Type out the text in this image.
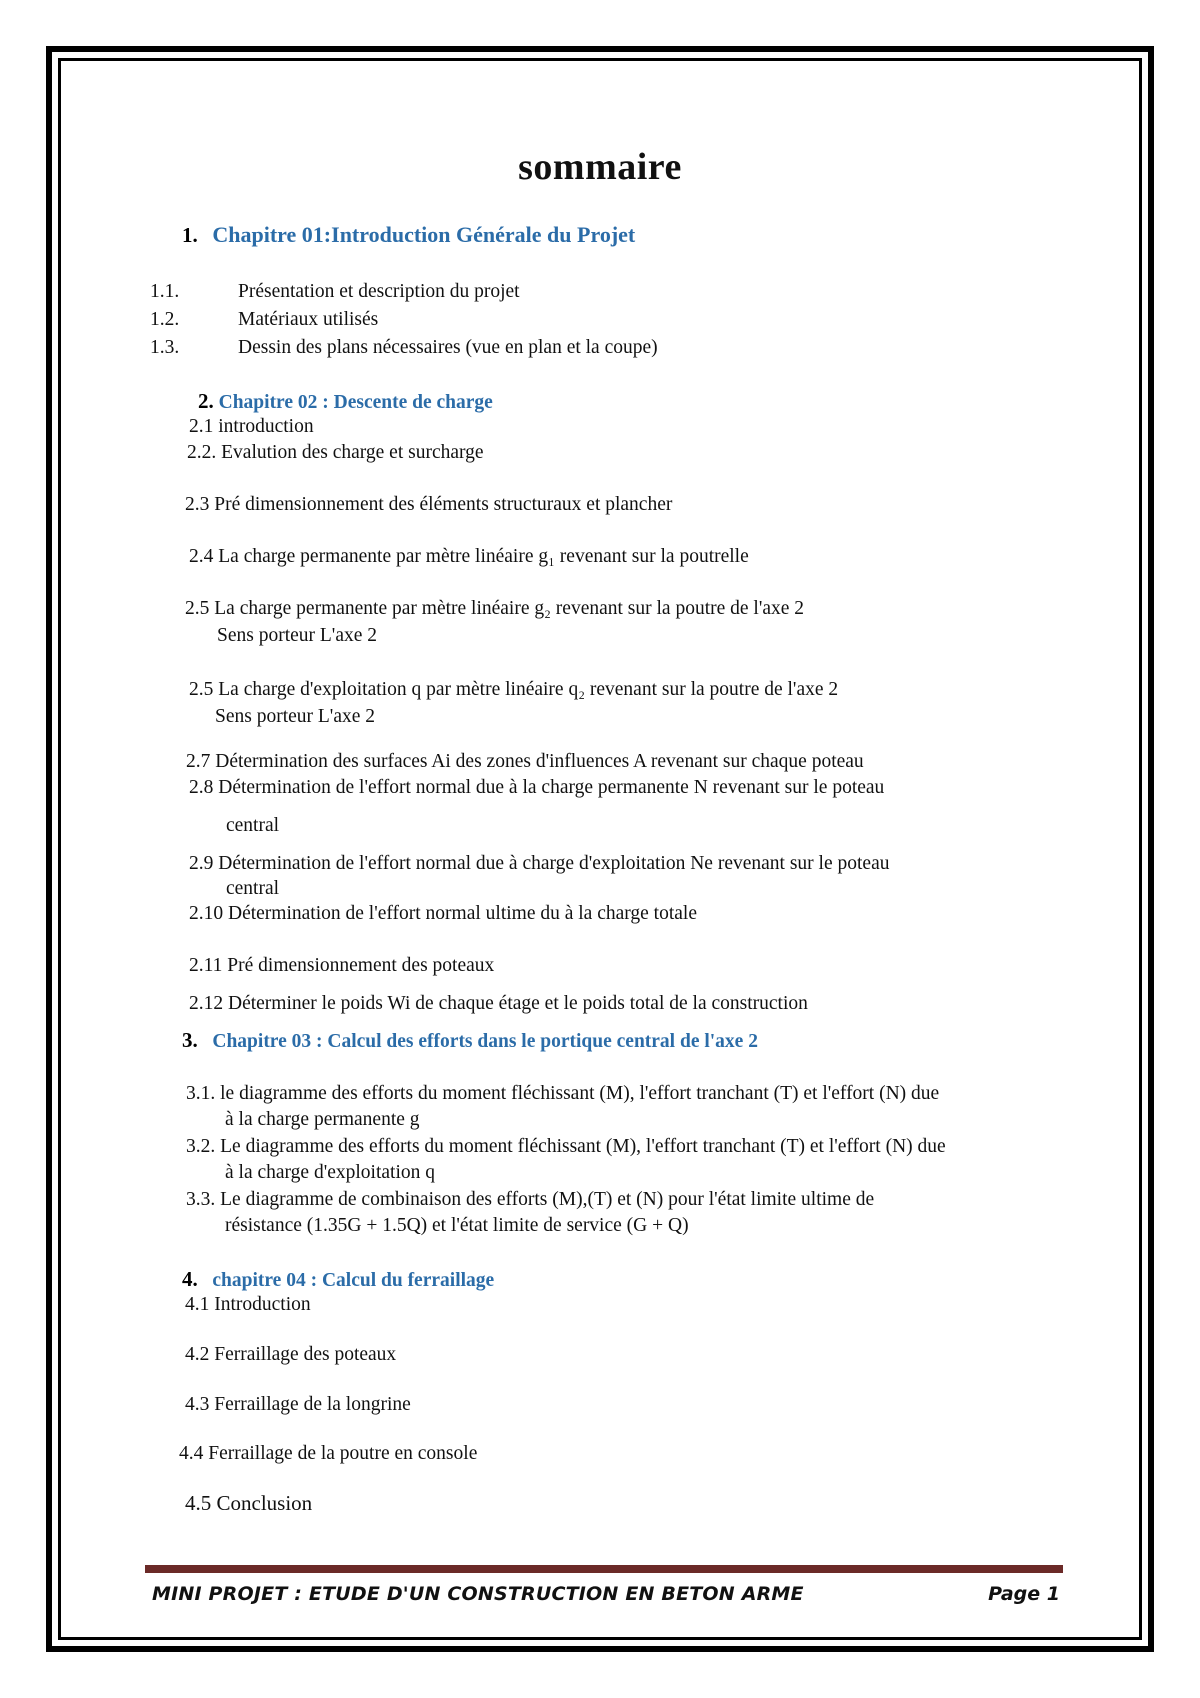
sommaire
1. Chapitre 01:Introduction Générale du Projet
1.1.	Présentation et description du projet
1.2.	Matériaux utilisés
1.3.	Dessin des plans nécessaires (vue en plan et la coupe)
2. Chapitre 02 : Descente de charge
2.1 introduction
2.2. Evalution des charge et surcharge
2.3 Pré dimensionnement des éléments structuraux et plancher
2.4 La charge permanente par mètre linéaire g₁ revenant sur la poutrelle
2.5 La charge permanente par mètre linéaire g₂ revenant sur la poutre de l'axe 2
Sens porteur L'axe 2
2.5 La charge d'exploitation q par mètre linéaire q₂ revenant sur la poutre de l'axe 2
Sens porteur L'axe 2
2.7 Détermination des surfaces Ai des zones d'influences A revenant sur chaque poteau
2.8 Détermination de l'effort normal due à la charge permanente N revenant sur le poteau
central
2.9 Détermination de l'effort normal due à charge d'exploitation Ne revenant sur le poteau
central
2.10 Détermination de l'effort normal ultime du à la charge totale
2.11 Pré dimensionnement des poteaux
2.12 Déterminer le poids Wi de chaque étage et le poids total de la construction
3. Chapitre 03 : Calcul des efforts dans le portique central de l'axe 2
3.1. le diagramme des efforts du moment fléchissant (M), l'effort tranchant (T) et l'effort (N) due
à la charge permanente g
3.2. Le diagramme des efforts du moment fléchissant (M), l'effort tranchant (T) et l'effort (N) due
à la charge d'exploitation q
3.3. Le diagramme de combinaison des efforts (M),(T) et (N) pour l'état limite ultime de
résistance (1.35G + 1.5Q) et l'état limite de service (G + Q)
4. chapitre 04 : Calcul du ferraillage
4.1 Introduction
4.2 Ferraillage des poteaux
4.3 Ferraillage de la longrine
4.4 Ferraillage de la poutre en console
4.5 Conclusion
MINI PROJET : ETUDE D'UN CONSTRUCTION EN BETON ARME	Page 1
